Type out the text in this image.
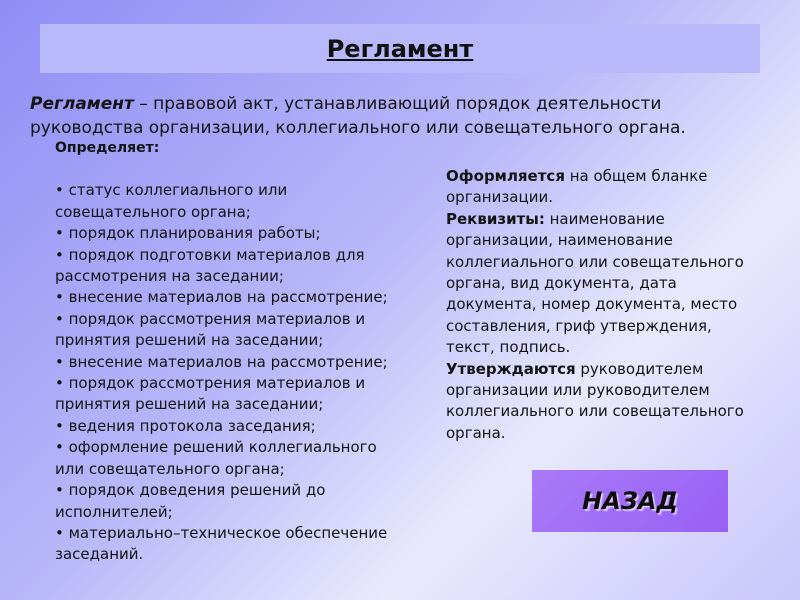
Регламент
Регламент – правовой акт, устанавливающий порядок деятельности руководства организации, коллегиального или совещательного органа.
Определяет:
• статус коллегиального или совещательного органа;
• порядок планирования работы;
• порядок подготовки материалов для рассмотрения на заседании;
• внесение материалов на рассмотрение;
• порядок рассмотрения материалов и принятия решений на заседании;
• внесение материалов на рассмотрение;
• порядок рассмотрения материалов и принятия решений на заседании;
• ведения протокола заседания;
• оформление решений коллегиального или совещательного органа;
• порядок доведения решений до исполнителей;
• материально–техническое обеспечение заседаний.

Оформляется на общем бланке организации.

Реквизиты: наименование организации, наименование коллегиального или совещательного органа, вид документа, дата документа, номер документа, место составления, гриф утверждения, текст, подпись.

Утверждаются руководителем организации или руководителем коллегиального или совещательного органа.

НАЗАД
